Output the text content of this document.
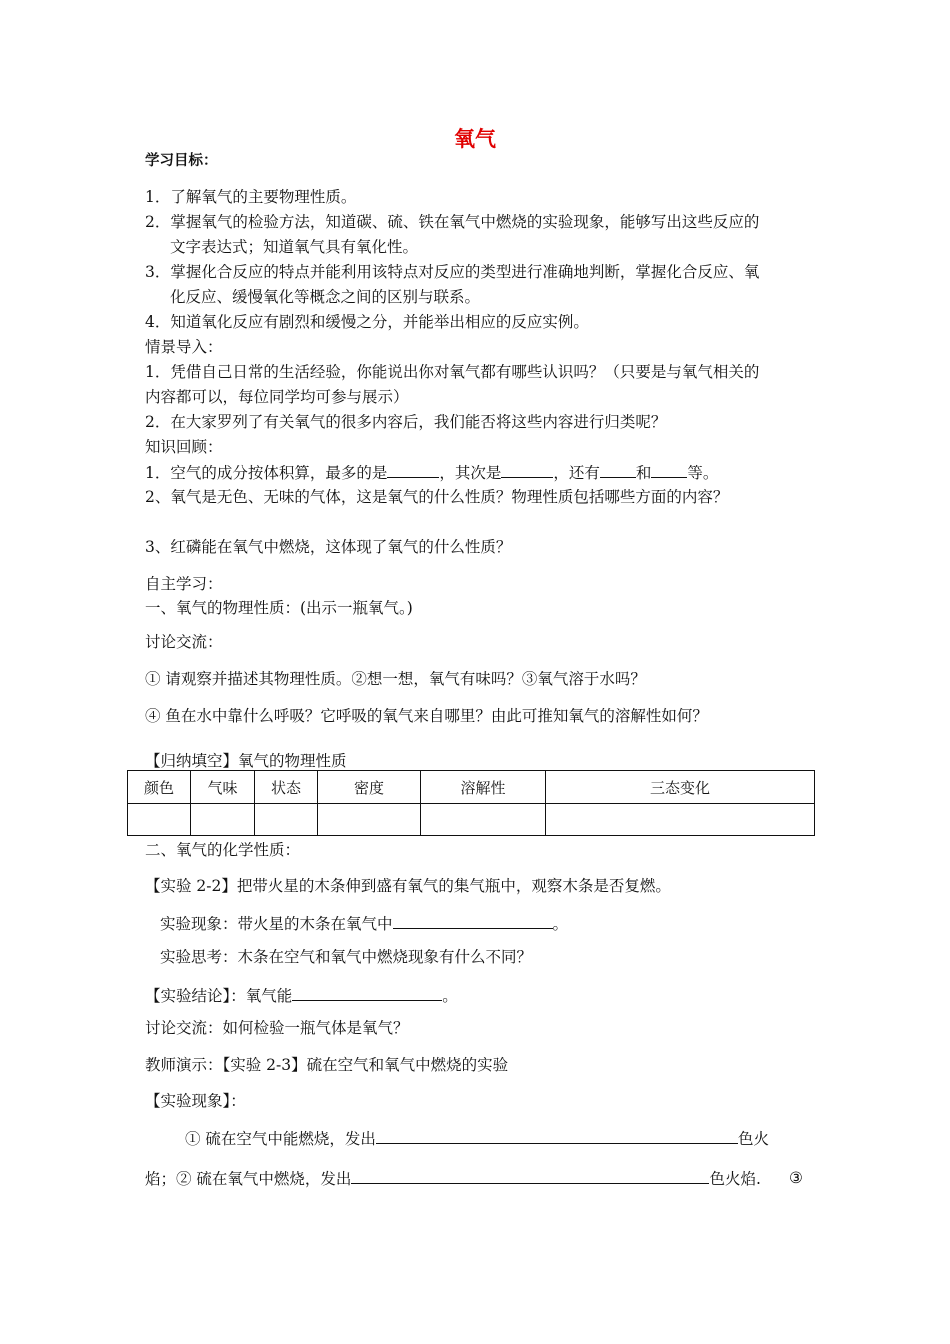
氧气
学习目标：
1．了解氧气的主要物理性质。
2．掌握氧气的检验方法，知道碳、硫、铁在氧气中燃烧的实验现象，能够写出这些反应的
文字表达式；知道氧气具有氧化性。
3．掌握化合反应的特点并能利用该特点对反应的类型进行准确地判断，掌握化合反应、氧
化反应、缓慢氧化等概念之间的区别与联系。
4．知道氧化反应有剧烈和缓慢之分，并能举出相应的反应实例。
情景导入：
1．凭借自己日常的生活经验，你能说出你对氧气都有哪些认识吗？（只要是与氧气相关的
内容都可以，每位同学均可参与展示）
2．在大家罗列了有关氧气的很多内容后，我们能否将这些内容进行归类呢？
知识回顾：
1．空气的成分按体积算，最多的是	，其次是	，还有 和 等。
2、氧气是无色、无味的气体，这是氧气的什么性质？物理性质包括哪些方面的内容？
3、红磷能在氧气中燃烧，这体现了氧气的什么性质？
自主学习：
一、氧气的物理性质：(出示一瓶氧气。)
讨论交流：
① 请观察并描述其物理性质。②想一想，氧气有味吗？③氧气溶于水吗？
④ 鱼在水中靠什么呼吸？它呼吸的氧气来自哪里？由此可推知氧气的溶解性如何？
【归纳填空】氧气的物理性质
颜色	气味	状态	密度	溶解性	三态变化

二、氧气的化学性质：
【实验 2-2】把带火星的木条伸到盛有氧气的集气瓶中，观察木条是否复燃。
实验现象：带火星的木条在氧气中	。
实验思考：木条在空气和氧气中燃烧现象有什么不同？
【实验结论】：氧气能	。
讨论交流：如何检验一瓶气体是氧气？
教师演示：【实验 2-3】硫在空气和氧气中燃烧的实验
【实验现象】：
① 硫在空气中能燃烧，发出	色火
焰；② 硫在氧气中燃烧，发出	色火焰. ③
